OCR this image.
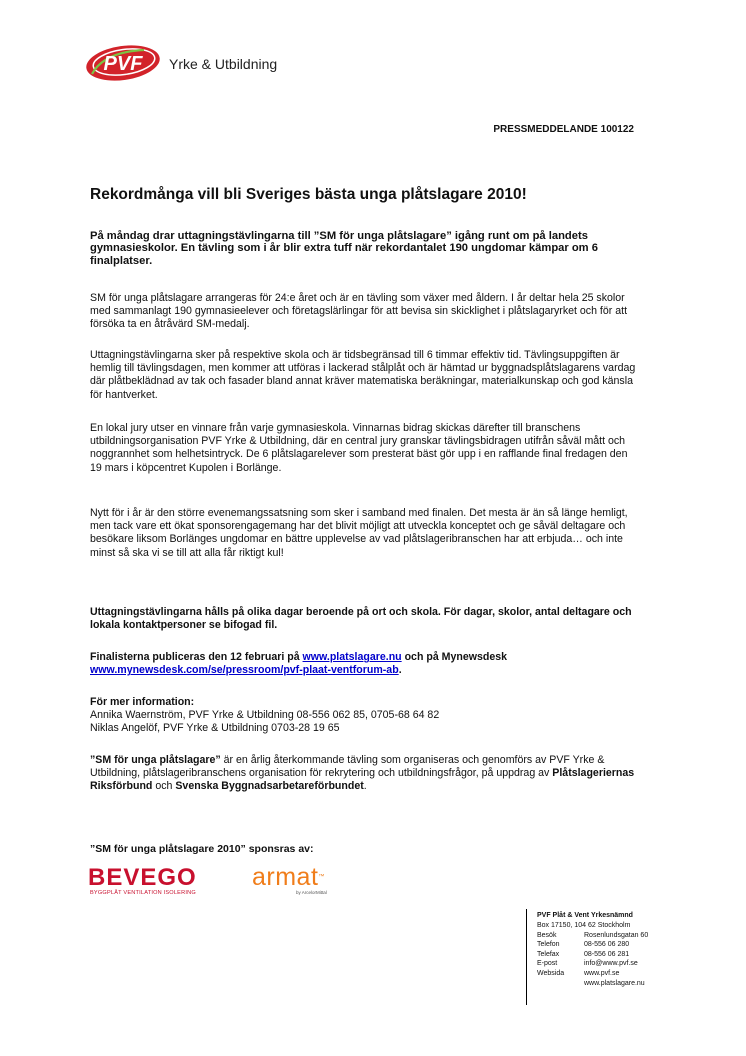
PVF Yrke & Utbildning
PRESSMEDDELANDE 100122
Rekordmånga vill bli Sveriges bästa unga plåtslagare 2010!
På måndag drar uttagningstävlingarna till ”SM för unga plåtslagare” igång runt om på landets gymnasieskolor. En tävling som i år blir extra tuff när rekordantalet 190 ungdomar kämpar om 6 finalplatser.
SM för unga plåtslagare arrangeras för 24:e året och är en tävling som växer med åldern. I år deltar hela 25 skolor med sammanlagt 190 gymnasieelever och företagslärlingar för att bevisa sin skicklighet i plåtslagaryrket och för att försöka ta en åtråvärd SM-medalj.
Uttagningstävlingarna sker på respektive skola och är tidsbegränsad till 6 timmar effektiv tid. Tävlingsuppgiften är hemlig till tävlingsdagen, men kommer att utföras i lackerad stålplåt och är hämtad ur byggnadsplåtslagarens vardag där plåtbeklädnad av tak och fasader bland annat kräver matematiska beräkningar, materialkunskap och god känsla för hantverket.
En lokal jury utser en vinnare från varje gymnasieskola. Vinnarnas bidrag skickas därefter till branschens utbildningsorganisation PVF Yrke & Utbildning, där en central jury granskar tävlingsbidragen utifrån såväl mått och noggrannhet som helhetsintryck. De 6 plåtslagarelever som presterat bäst gör upp i en rafflande final fredagen den 19 mars i köpcentret Kupolen i Borlänge.
Nytt för i år är den större evenemangssatsning som sker i samband med finalen. Det mesta är än så länge hemligt, men tack vare ett ökat sponsorengagemang har det blivit möjligt att utveckla konceptet och ge såväl deltagare och besökare liksom Borlänges ungdomar en bättre upplevelse av vad plåtslageribranschen har att erbjuda… och inte minst så ska vi se till att alla får riktigt kul!
Uttagningstävlingarna hålls på olika dagar beroende på ort och skola. För dagar, skolor, antal deltagare och lokala kontaktpersoner se bifogad fil.
Finalisterna publiceras den 12 februari på www.platslagare.nu och på Mynewsdesk
www.mynewsdesk.com/se/pressroom/pvf-plaat-ventforum-ab.
För mer information:
Annika Waernström, PVF Yrke & Utbildning 08-556 062 85, 0705-68 64 82
Niklas Angelöf, PVF Yrke & Utbildning 0703-28 19 65
”SM för unga plåtslagare” är en årlig återkommande tävling som organiseras och genomförs av PVF Yrke & Utbildning, plåtslageribranschens organisation för rekrytering och utbildningsfrågor, på uppdrag av Plåtslageriernas Riksförbund och Svenska Byggnadsarbetareförbundet.
”SM för unga plåtslagare 2010” sponsras av:
BEVEGO
BYGGPLÅT VENTILATION ISOLERING
armat™
by ArcelorMittal
PVF Plåt & Vent Yrkesnämnd
Box 17150, 104 62 Stockholm
Besök	Rosenlundsgatan 60
Telefon	08-556 06 280
Telefax	08-556 06 281
E-post	info@www.pvf.se
Websida	www.pvf.se
www.platslagare.nu
